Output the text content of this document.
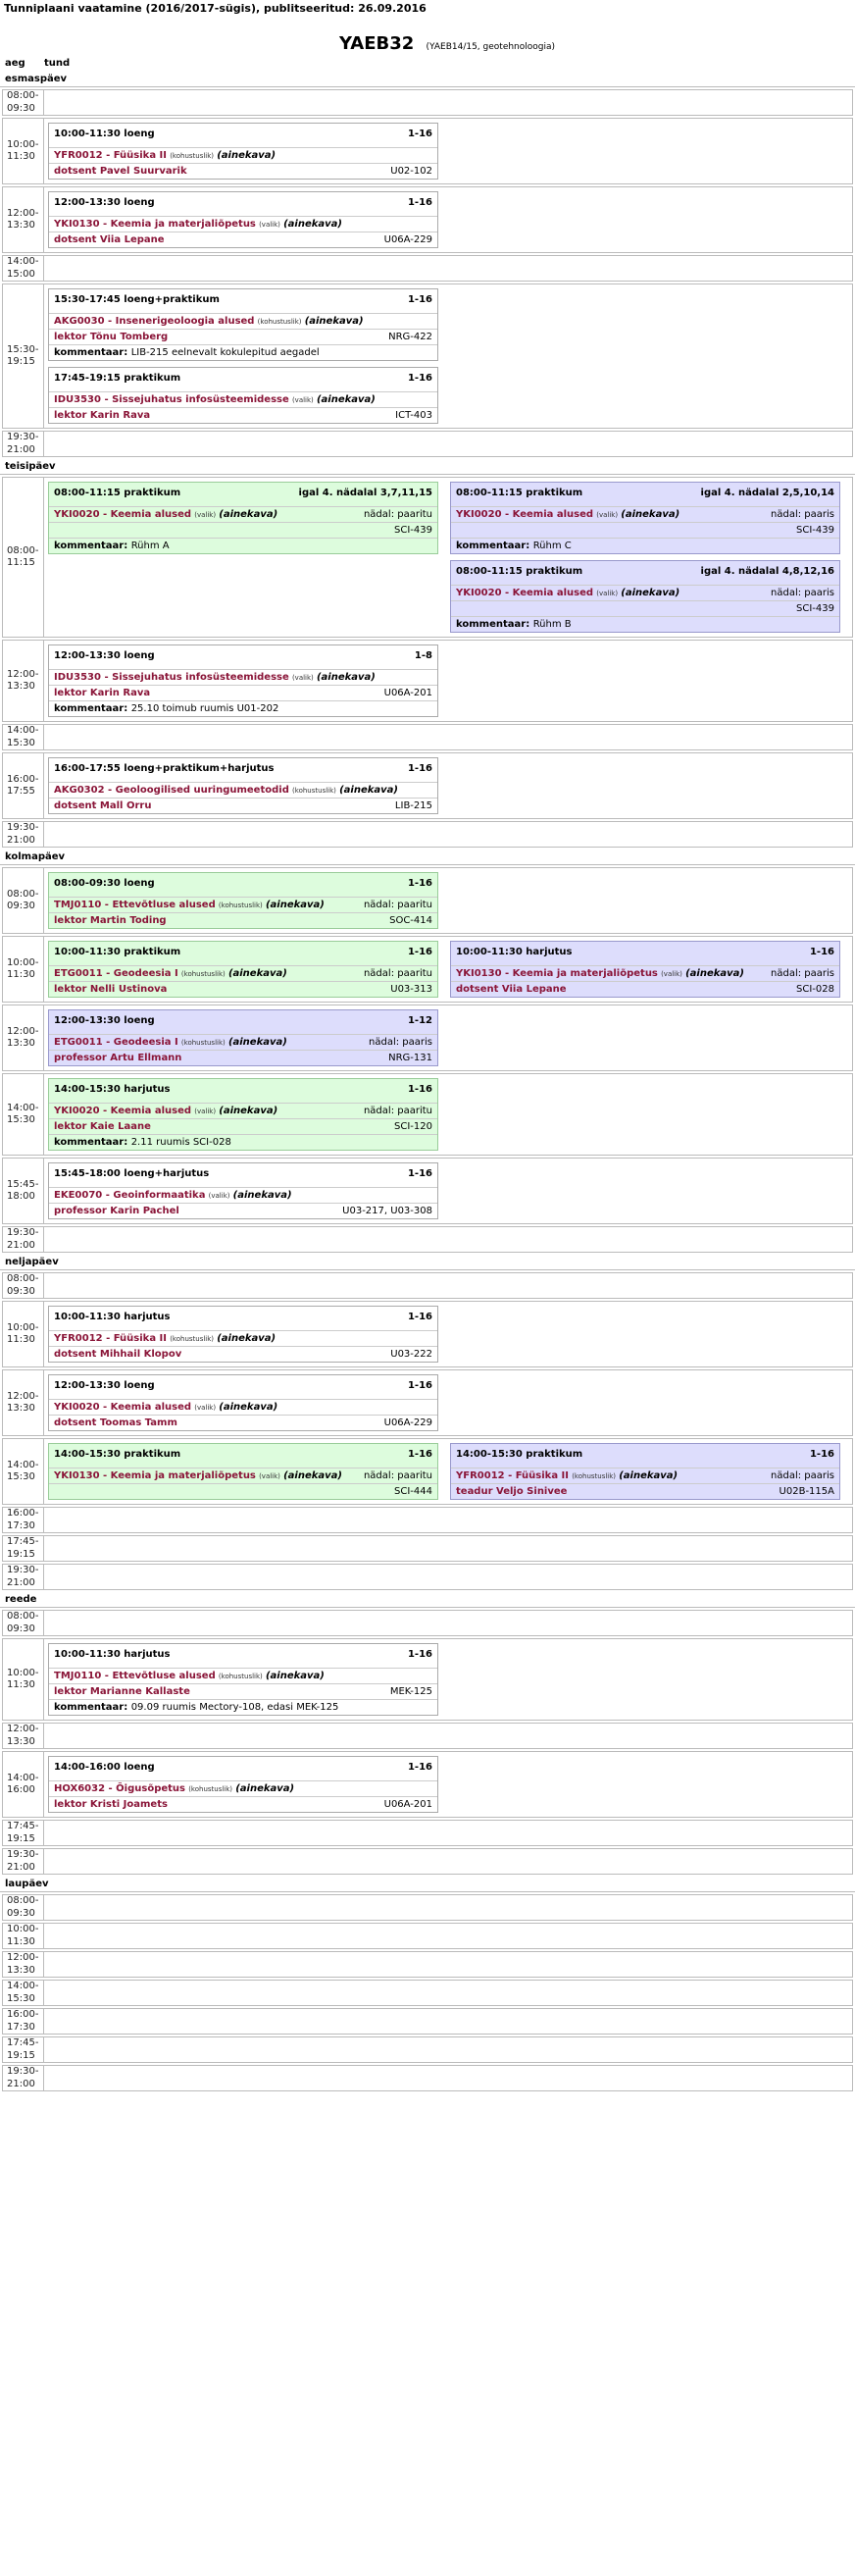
Tunniplaani vaatamine (2016/2017-sügis), publitseeritud: 26.09.2016
YAEB32 (YAEB14/15, geotehnoloogia)
aeg	tund
esmaspäev
08:00-
09:30
10:00-
11:30
10:00-11:30 loeng	1-16
YFR0012 - Füüsika II (kohustuslik) (ainekava)
dotsent Pavel Suurvarik	U02-102
12:00-
13:30
12:00-13:30 loeng	1-16
YKI0130 - Keemia ja materjaliõpetus (valik) (ainekava)
dotsent Viia Lepane	U06A-229
14:00-
15:00
15:30-
19:15
15:30-17:45 loeng+praktikum	1-16
AKG0030 - Insenerigeoloogia alused (kohustuslik) (ainekava)
lektor Tõnu Tomberg	NRG-422
kommentaar: LIB-215 eelnevalt kokulepitud aegadel
17:45-19:15 praktikum	1-16
IDU3530 - Sissejuhatus infosüsteemidesse (valik) (ainekava)
lektor Karin Rava	ICT-403
19:30-
21:00
teisipäev
08:00-
11:15
08:00-11:15 praktikum	igal 4. nädalal 3,7,11,15
YKI0020 - Keemia alused (valik) (ainekava)	nädal: paaritu
SCI-439
kommentaar: Rühm A
08:00-11:15 praktikum	igal 4. nädalal 2,5,10,14
YKI0020 - Keemia alused (valik) (ainekava)	nädal: paaris
SCI-439
kommentaar: Rühm C
08:00-11:15 praktikum	igal 4. nädalal 4,8,12,16
YKI0020 - Keemia alused (valik) (ainekava)	nädal: paaris
SCI-439
kommentaar: Rühm B
12:00-
13:30
12:00-13:30 loeng	1-8
IDU3530 - Sissejuhatus infosüsteemidesse (valik) (ainekava)
lektor Karin Rava	U06A-201
kommentaar: 25.10 toimub ruumis U01-202
14:00-
15:30
16:00-
17:55
16:00-17:55 loeng+praktikum+harjutus	1-16
AKG0302 - Geoloogilised uuringumeetodid (kohustuslik) (ainekava)
dotsent Mall Orru	LIB-215
19:30-
21:00
kolmapäev
08:00-
09:30
08:00-09:30 loeng	1-16
TMJ0110 - Ettevõtluse alused (kohustuslik) (ainekava)	nädal: paaritu
lektor Martin Toding	SOC-414
10:00-
11:30
10:00-11:30 praktikum	1-16
ETG0011 - Geodeesia I (kohustuslik) (ainekava)	nädal: paaritu
lektor Nelli Ustinova	U03-313
10:00-11:30 harjutus	1-16
YKI0130 - Keemia ja materjaliõpetus (valik) (ainekava)	nädal: paaris
dotsent Viia Lepane	SCI-028
12:00-
13:30
12:00-13:30 loeng	1-12
ETG0011 - Geodeesia I (kohustuslik) (ainekava)	nädal: paaris
professor Artu Ellmann	NRG-131
14:00-
15:30
14:00-15:30 harjutus	1-16
YKI0020 - Keemia alused (valik) (ainekava)	nädal: paaritu
lektor Kaie Laane	SCI-120
kommentaar: 2.11 ruumis SCI-028
15:45-
18:00
15:45-18:00 loeng+harjutus	1-16
EKE0070 - Geoinformaatika (valik) (ainekava)
professor Karin Pachel	U03-217, U03-308
19:30-
21:00
neljapäev
08:00-
09:30
10:00-
11:30
10:00-11:30 harjutus	1-16
YFR0012 - Füüsika II (kohustuslik) (ainekava)
dotsent Mihhail Klopov	U03-222
12:00-
13:30
12:00-13:30 loeng	1-16
YKI0020 - Keemia alused (valik) (ainekava)
dotsent Toomas Tamm	U06A-229
14:00-
15:30
14:00-15:30 praktikum	1-16
YKI0130 - Keemia ja materjaliõpetus (valik) (ainekava) nädal: paaritu
SCI-444
14:00-15:30 praktikum	1-16
YFR0012 - Füüsika II (kohustuslik) (ainekava)	nädal: paaris
teadur Veljo Sinivee	U02B-115A
16:00-
17:30
17:45-
19:15
19:30-
21:00
reede
08:00-
09:30
10:00-
11:30
10:00-11:30 harjutus	1-16
TMJ0110 - Ettevõtluse alused (kohustuslik) (ainekava)
lektor Marianne Kallaste	MEK-125
kommentaar: 09.09 ruumis Mectory-108, edasi MEK-125
12:00-
13:30
14:00-
16:00
14:00-16:00 loeng	1-16
HOX6032 - Õigusõpetus (kohustuslik) (ainekava)
lektor Kristi Joamets	U06A-201
17:45-
19:15
19:30-
21:00
laupäev
08:00-
09:30
10:00-
11:30
12:00-
13:30
14:00-
15:30
16:00-
17:30
17:45-
19:15
19:30-
21:00
